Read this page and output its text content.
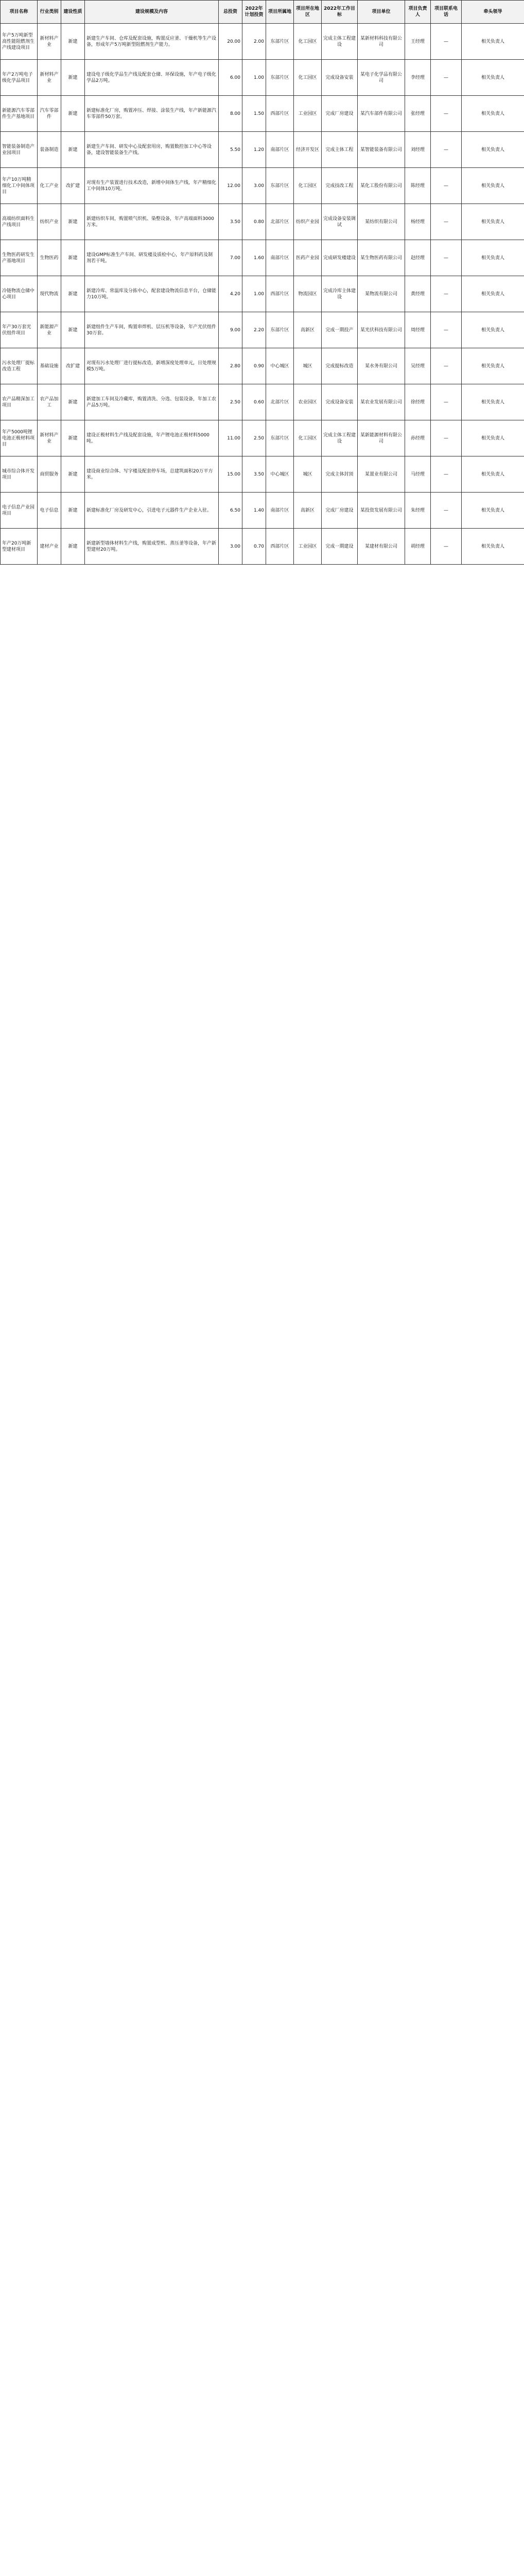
项目名称	行业类别	建设性质	建设规模及内容	总投资	2022年计划投资	项目所属地	项目所在地区	2022年工作目标	项目单位	项目负责人	项目联系电话	牵头领导
年产5万吨新型高性能阻燃剂生产线建设项目	新材料产业	新建	新建生产车间、仓库及配套设施，购置反应釜、干燥机等生产设备，形成年产5万吨新型阻燃剂生产能力。	20.00	2.00	东部片区	化工园区	完成主体工程建设	某新材料科技有限公司	王经理	—	相关负责人
年产2万吨电子级化学品项目	新材料产业	新建	建设电子级化学品生产线及配套仓储、环保设施，年产电子级化学品2万吨。	6.00	1.00	东部片区	化工园区	完成设备安装	某电子化学品有限公司	李经理	—	相关负责人
新能源汽车零部件生产基地项目	汽车零部件	新建	新建标准化厂房，购置冲压、焊接、涂装生产线，年产新能源汽车零部件50万套。	8.00	1.50	西部片区	工业园区	完成厂房建设	某汽车部件有限公司	张经理	—	相关负责人
智能装备制造产业园项目	装备制造	新建	新建生产车间、研发中心及配套用房，购置数控加工中心等设备，建设智能装备生产线。	5.50	1.20	南部片区	经济开发区	完成主体工程	某智能装备有限公司	刘经理	—	相关负责人
年产10万吨精细化工中间体项目	化工产业	改扩建	对现有生产装置进行技术改造，新增中间体生产线，年产精细化工中间体10万吨。	12.00	3.00	东部片区	化工园区	完成技改工程	某化工股份有限公司	陈经理	—	相关负责人
高端纺织面料生产线项目	纺织产业	新建	新建纺织车间，购置喷气织机、染整设备，年产高端面料3000万米。	3.50	0.80	北部片区	纺织产业园	完成设备安装调试	某纺织有限公司	杨经理	—	相关负责人
生物医药研发生产基地项目	生物医药	新建	建设GMP标准生产车间、研发楼及质检中心，年产原料药及制剂若干吨。	7.00	1.60	南部片区	医药产业园	完成研发楼建设	某生物医药有限公司	赵经理	—	相关负责人
冷链物流仓储中心项目	现代物流	新建	新建冷库、常温库及分拣中心，配套建设物流信息平台，仓储能力10万吨。	4.20	1.00	西部片区	物流园区	完成冷库主体建设	某物流有限公司	黄经理	—	相关负责人
年产30万套光伏组件项目	新能源产业	新建	新建组件生产车间，购置串焊机、层压机等设备，年产光伏组件30万套。	9.00	2.20	东部片区	高新区	完成一期投产	某光伏科技有限公司	周经理	—	相关负责人
污水处理厂提标改造工程	基础设施	改扩建	对现有污水处理厂进行提标改造，新增深度处理单元，日处理规模5万吨。	2.80	0.90	中心城区	城区	完成提标改造	某水务有限公司	吴经理	—	相关负责人
农产品精深加工项目	农产品加工	新建	新建加工车间及冷藏库，购置清洗、分选、包装设备，年加工农产品5万吨。	2.50	0.60	北部片区	农业园区	完成设备安装	某农业发展有限公司	徐经理	—	相关负责人
年产5000吨锂电池正极材料项目	新材料产业	新建	建设正极材料生产线及配套设施，年产锂电池正极材料5000吨。	11.00	2.50	东部片区	化工园区	完成主体工程建设	某新能源材料有限公司	孙经理	—	相关负责人
城市综合体开发项目	商贸服务	新建	建设商业综合体、写字楼及配套停车场，总建筑面积20万平方米。	15.00	3.50	中心城区	城区	完成主体封顶	某置业有限公司	马经理	—	相关负责人
电子信息产业园项目	电子信息	新建	新建标准化厂房及研发中心，引进电子元器件生产企业入驻。	6.50	1.40	南部片区	高新区	完成厂房建设	某投资发展有限公司	朱经理	—	相关负责人
年产20万吨新型建材项目	建材产业	新建	新建新型墙体材料生产线，购置成型机、蒸压釜等设备，年产新型建材20万吨。	3.00	0.70	西部片区	工业园区	完成一期建设	某建材有限公司	胡经理	—	相关负责人
